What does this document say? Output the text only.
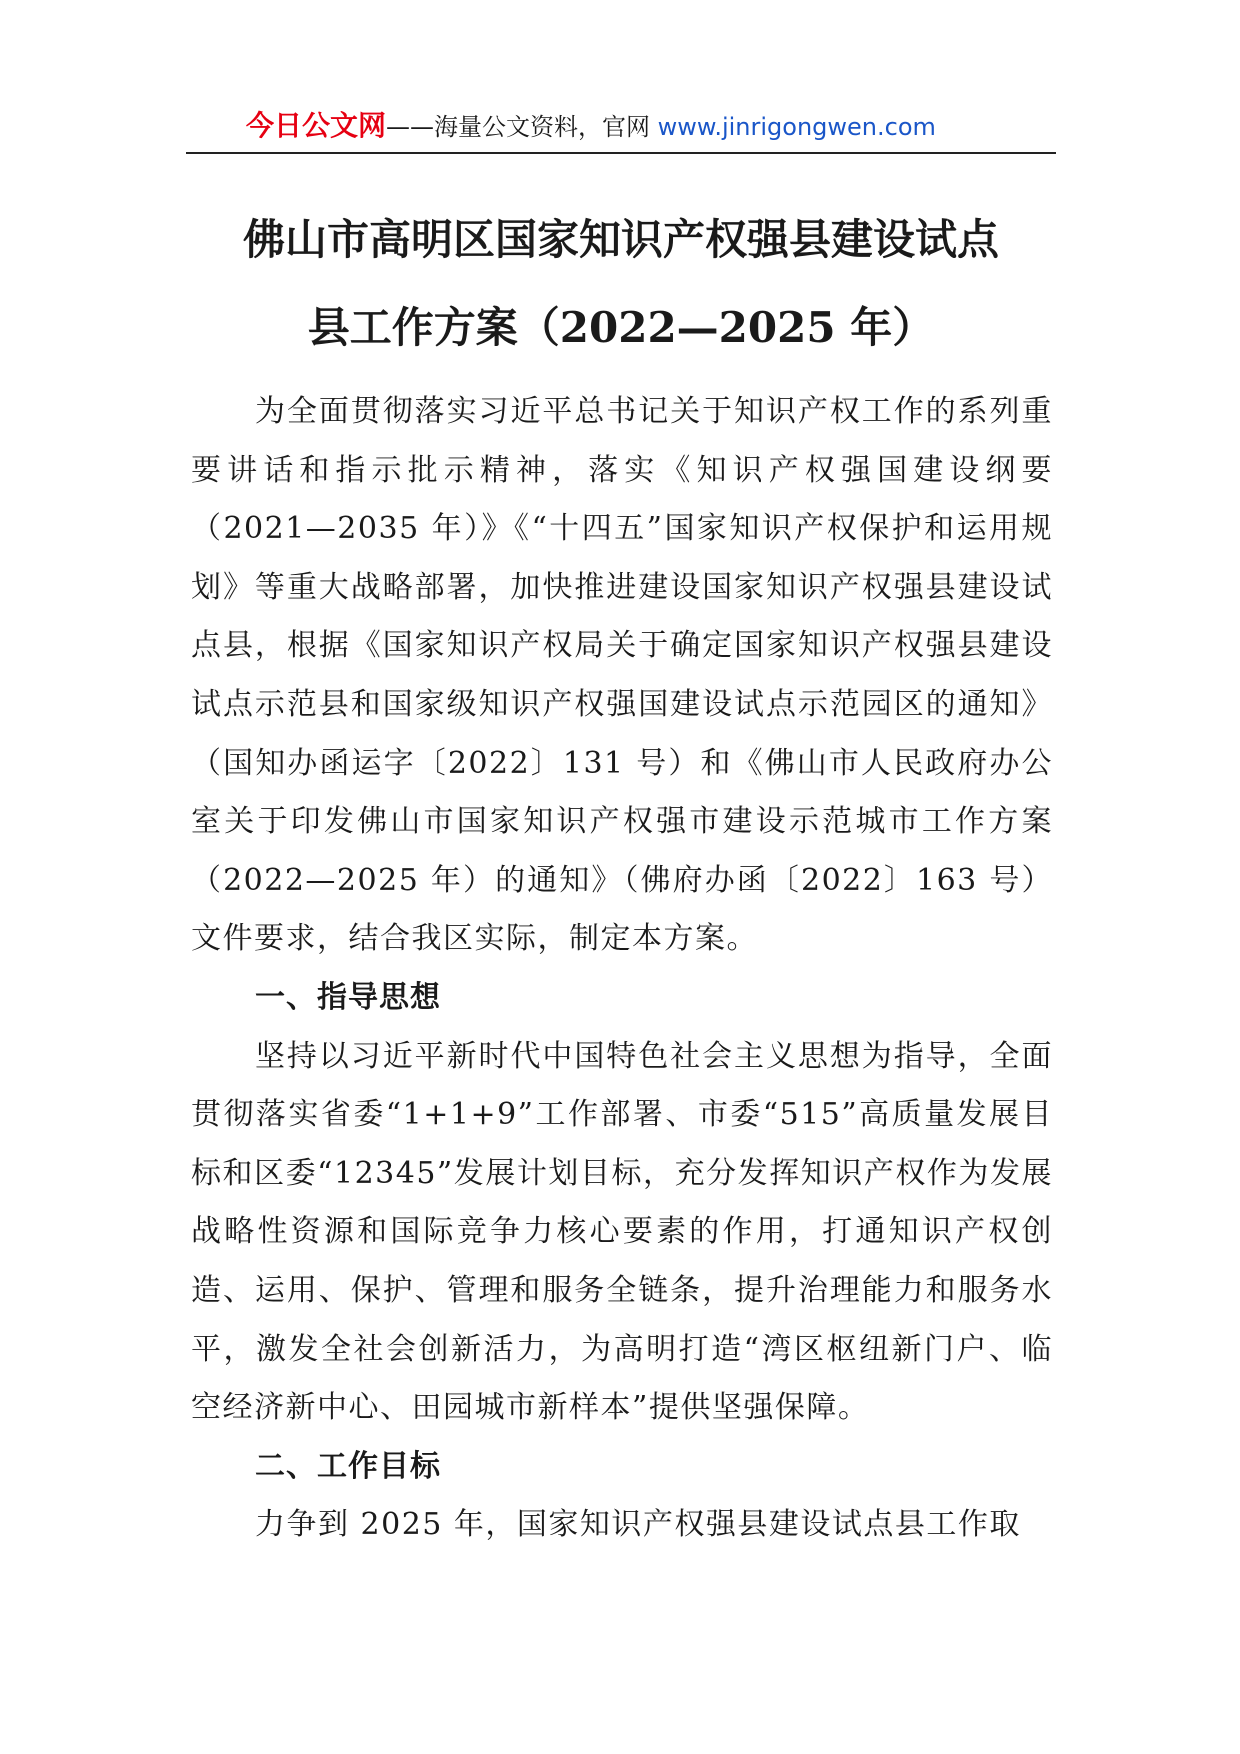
今日公文网——海量公文资料，官网 www.jinrigongwen.com
佛山市高明区国家知识产权强县建设试点
县工作方案（2022—2025 年）

为全面贯彻落实习近平总书记关于知识产权工作的系列重要讲话和指示批示精神，落实《知识产权强国建设纲要（2021—2035 年）》《“十四五”国家知识产权保护和运用规划》等重大战略部署，加快推进建设国家知识产权强县建设试点县，根据《国家知识产权局关于确定国家知识产权强县建设试点示范县和国家级知识产权强国建设试点示范园区的通知》（国知办函运字〔2022〕131 号）和《佛山市人民政府办公室关于印发佛山市国家知识产权强市建设示范城市工作方案（2022—2025 年）的通知》（佛府办函〔2022〕163 号）文件要求，结合我区实际，制定本方案。

一、指导思想

坚持以习近平新时代中国特色社会主义思想为指导，全面贯彻落实省委“1+1+9”工作部署、市委“515”高质量发展目标和区委“12345”发展计划目标，充分发挥知识产权作为发展战略性资源和国际竞争力核心要素的作用，打通知识产权创造、运用、保护、管理和服务全链条，提升治理能力和服务水平，激发全社会创新活力，为高明打造“湾区枢纽新门户、临空经济新中心、田园城市新样本”提供坚强保障。

二、工作目标

力争到 2025 年，国家知识产权强县建设试点县工作取
